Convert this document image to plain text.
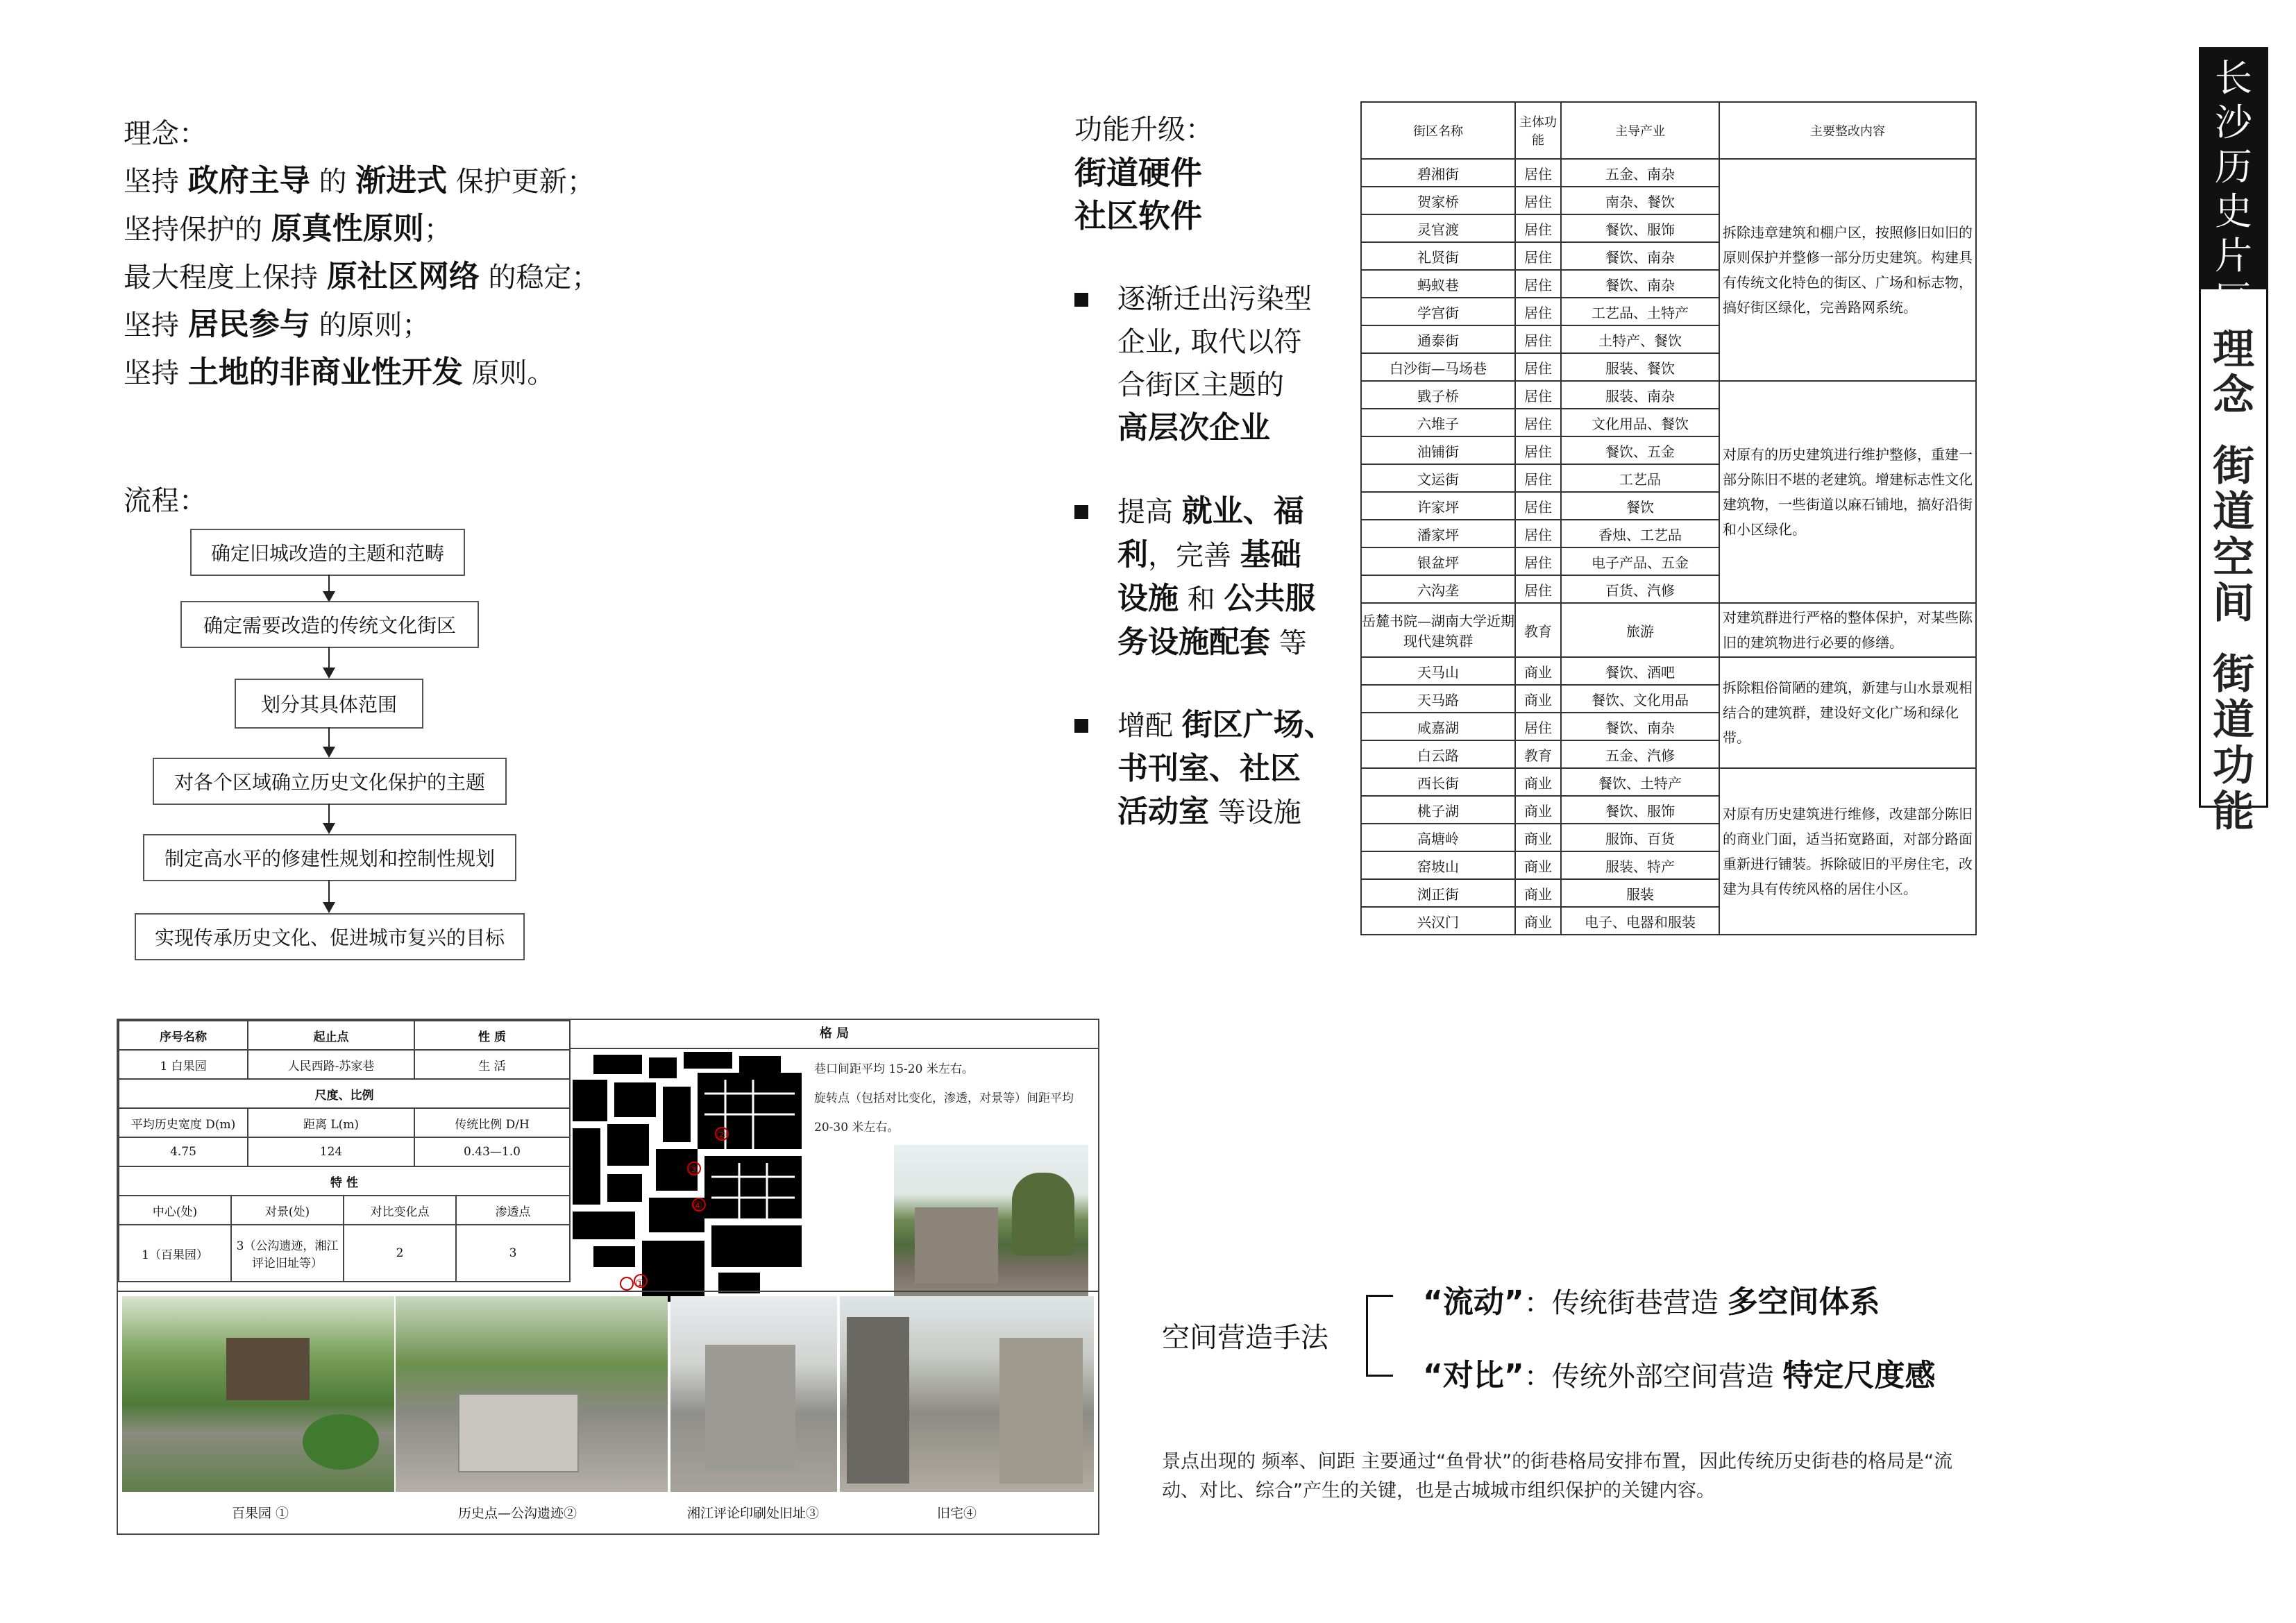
理念：
坚持 政府主导 的 渐进式 保护更新；
坚持保护的 原真性原则；
最大程度上保持 原社区网络 的稳定；
坚持 居民参与 的原则；
坚持 土地的非商业性开发 原则。
流程：
确定旧城改造的主题和范畴
确定需要改造的传统文化街区
划分其具体范围
对各个区域确立历史文化保护的主题
制定高水平的修建性规划和控制性规划
实现传承历史文化、促进城市复兴的目标
功能升级：
街道硬件
社区软件
逐渐迁出污染型
企业, 取代以符
合街区主题的
高层次企业
提高 就业、福
利，完善 基础
设施 和 公共服
务设施配套 等
增配 街区广场、
书刊室、社区
活动室 等设施
街区名称	主体功能	主导产业	主要整改内容
碧湘街	居住	五金、南杂	拆除违章建筑和棚户区，按照修旧如旧的原则保护并整修一部分历史建筑。构建具有传统文化特色的街区、广场和标志物，搞好街区绿化，完善路网系统。
贺家桥	居住	南杂、餐饮	
灵官渡	居住	餐饮、服饰	
礼贤街	居住	餐饮、南杂	
蚂蚁巷	居住	餐饮、南杂	
学宫街	居住	工艺品、土特产	
通泰街	居住	土特产、餐饮	
白沙街—马场巷	居住	服装、餐饮	
戥子桥	居住	服装、南杂	对原有的历史建筑进行维护整修，重建一部分陈旧不堪的老建筑。增建标志性文化建筑物，一些街道以麻石铺地，搞好沿街和小区绿化。
六堆子	居住	文化用品、餐饮	
油铺街	居住	餐饮、五金	
文运街	居住	工艺品	
许家坪	居住	餐饮	
潘家坪	居住	香烛、工艺品	
银盆坪	居住	电子产品、五金	
六沟垄	居住	百货、汽修	
岳麓书院—湖南大学近期现代建筑群	教育	旅游	对建筑群进行严格的整体保护，对某些陈旧的建筑物进行必要的修缮。
天马山	商业	餐饮、酒吧	拆除粗俗简陋的建筑，新建与山水景观相结合的建筑群，建设好文化广场和绿化带。
天马路	商业	餐饮、文化用品	
咸嘉湖	居住	餐饮、南杂	
白云路	教育	五金、汽修	
西长街	商业	餐饮、土特产	对原有历史建筑进行维修，改建部分陈旧的商业门面，适当拓宽路面，对部分路面重新进行铺装。拆除破旧的平房住宅，改建为具有传统风格的居住小区。
桃子湖	商业	餐饮、服饰	
高塘岭	商业	服饰、百货	
窑坡山	商业	服装、特产	
浏正街	商业	服装	
兴汉门	商业	电子、电器和服装	
长
沙
历
史
片
区
理
念
街
道
空
间
街
道
功
能
序号名称	起止点	性 质
1 白果园	人民西路-苏家巷	生 活
尺度、比例		
平均历史宽度 D(m)	距离 L(m)	传统比例 D/H
4.75	124	0.43—1.0
特 性		
中心(处)	对景(处)	对比变化点	渗透点
1（百果园）	3（公沟遗迹，湘江评论旧址等）	2	3
格 局
②
③
④
①
巷口间距平均 15-20 米左右。
旋转点（包括对比变化，渗透，对景等）间距平均 20-30 米左右。
百果园 ①	历史点—公沟遗迹②	湘江评论印刷处旧址③	旧宅④
空间营造手法
“流动”：传统街巷营造 多空间体系
“对比”：传统外部空间营造 特定尺度感
景点出现的 频率、间距 主要通过“鱼骨状”的街巷格局安排布置，因此传统历史街巷的格局是“流动、对比、综合”产生的关键，也是古城城市组织保护的关键内容。
